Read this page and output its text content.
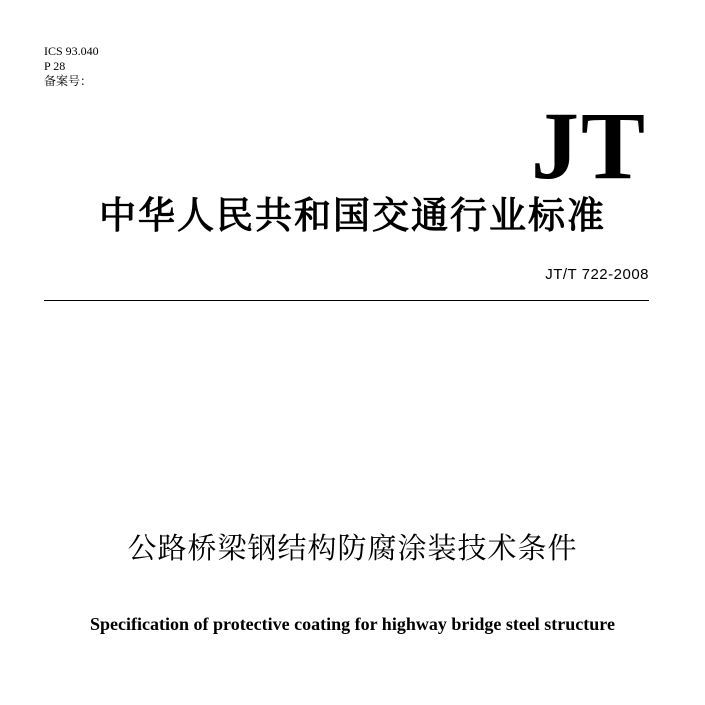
ICS 93.040
P 28
备案号：
JT
中华人民共和国交通行业标准
JT/T 722-2008
公路桥梁钢结构防腐涂装技术条件
Specification of protective coating for highway bridge steel structure
